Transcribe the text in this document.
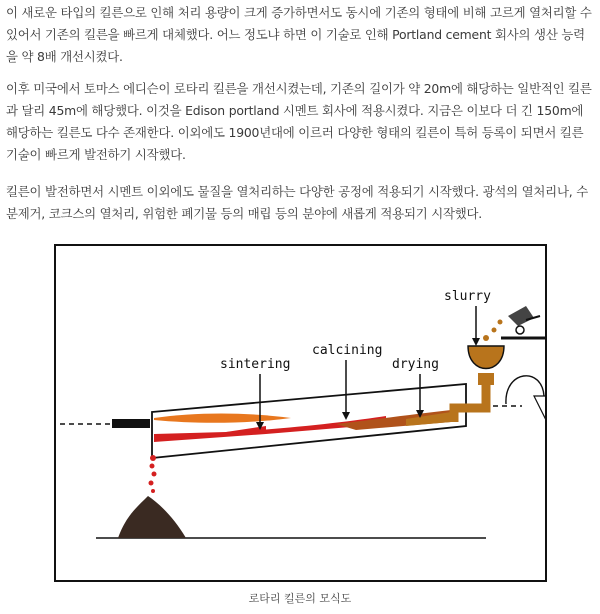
이 새로운 타입의 킬른으로 인해 처리 용량이 크게 증가하면서도 동시에 기존의 형태에 비해 고르게 열처리할 수 있어서 기존의 킬른을 빠르게 대체했다. 어느 정도냐 하면 이 기술로 인해 Portland cement 회사의 생산 능력을 약 8배 개선시켰다.

이후 미국에서 토마스 에디슨이 로타리 킬른을 개선시켰는데, 기존의 길이가 약 20m에 해당하는 일반적인 킬른과 달리 45m에 해당했다. 이것을 Edison portland 시멘트 회사에 적용시켰다. 지금은 이보다 더 긴 150m에 해당하는 킬른도 다수 존재한다. 이외에도 1900년대에 이르러 다양한 형태의 킬른이 특허 등록이 되면서 킬른 기술이 빠르게 발전하기 시작했다.

킬른이 발전하면서 시멘트 이외에도 물질을 열처리하는 다양한 공정에 적용되기 시작했다. 광석의 열처리나, 수분제거, 코크스의 열처리, 위험한 폐기물 등의 매립 등의 분야에 새롭게 적용되기 시작했다.

slurry
calcining
sintering	drying
로타리 킬른의 모식도
